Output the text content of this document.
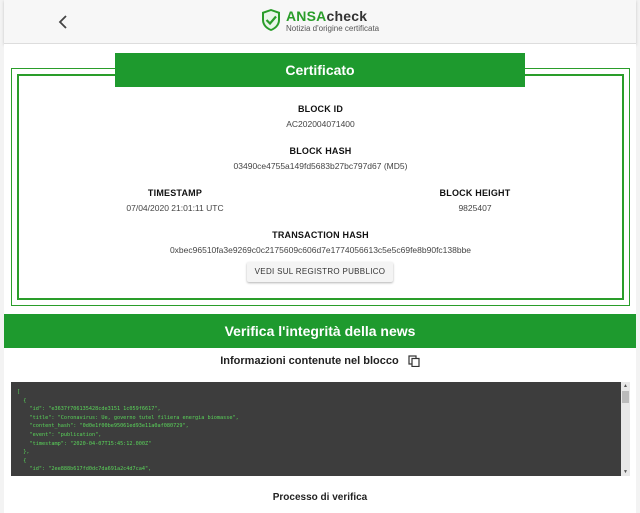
ANSAcheck
Notizia d'origine certificata
BLOCK ID
AC202004071400
BLOCK HASH
03490ce4755a149fd5683b27bc797d67 (MD5)
TIMESTAMP
07/04/2020 21:01:11 UTC
BLOCK HEIGHT
9825407
TRANSACTION HASH
0xbec96510fa3e9269c0c2175609c606d7e1774056613c5e5c69fe8b90fc138bbe
Certificato
VEDI SUL REGISTRO PUBBLICO
Verifica l'integrità della news
Informazioni contenute nel blocco
[
{
"id": "e3637f706135428cde3151 1c059f6617",
"title": "Coronavirus: Ue, governo tutel filiera energia biomasse",
"content_hash": "0d0e1f00be95061ed93e11a0af080729",
"event": "publication",
"timestamp": "2020-04-07T15:45:12.000Z"
},
{
"id": "2ee888b617fd0dc7da691a2c4d7ca4",
▲
▼
Processo di verifica
